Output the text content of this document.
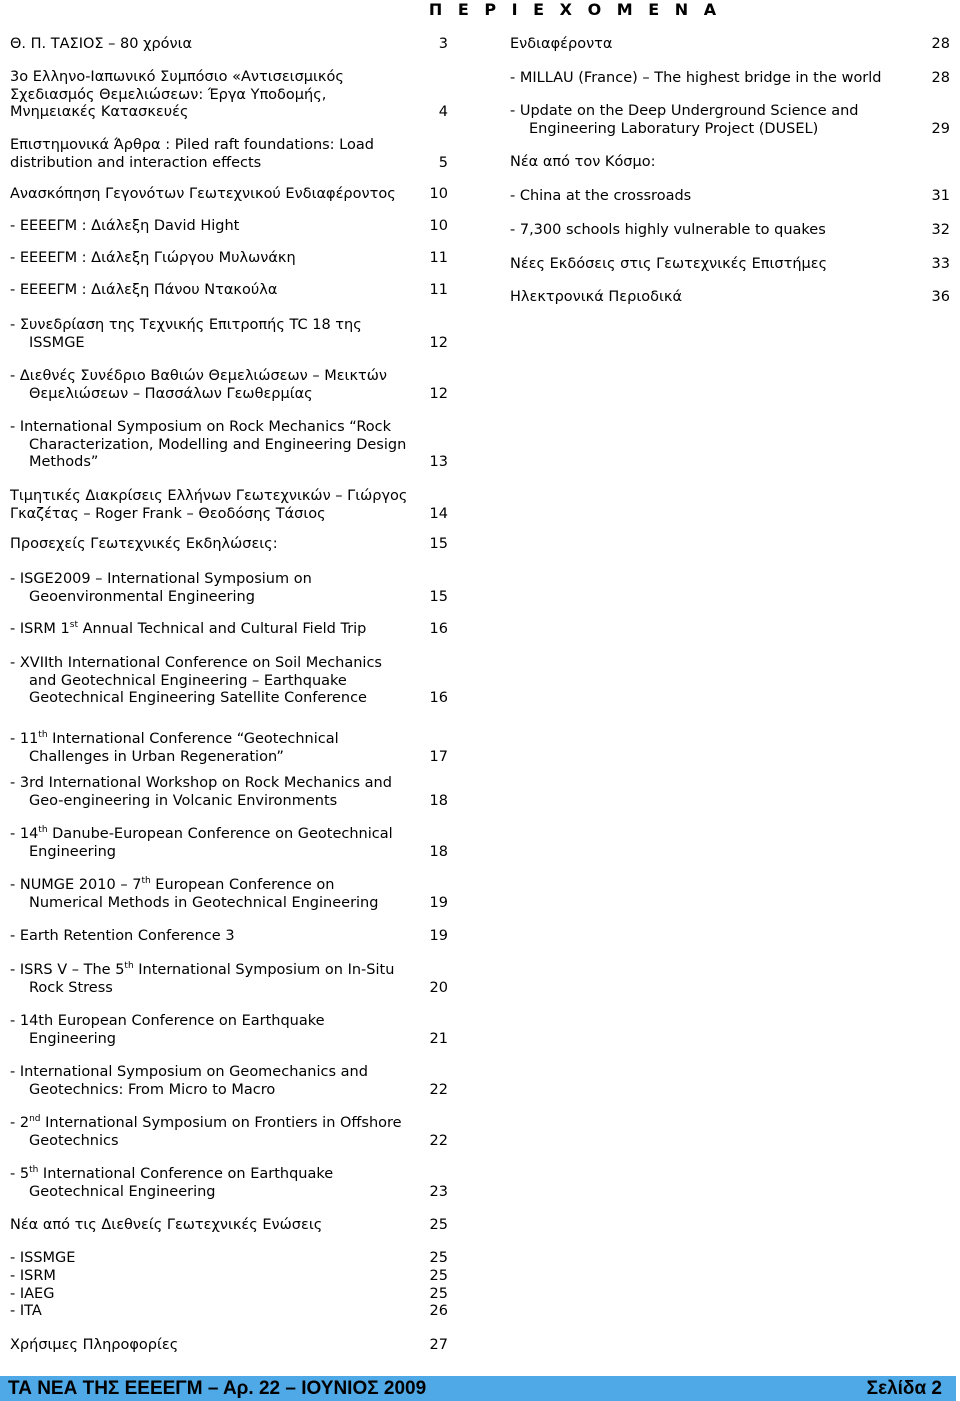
Π Ε Ρ Ι Ε Χ Ο Μ Ε Ν Α
Θ. Π. ΤΑΣΙΟΣ – 80 χρόνια	3
3ο Ελληνο-Ιαπωνικό Συμπόσιο «Αντισεισμικός Σχεδιασμός Θεμελιώσεων: Έργα Υποδομής, Μνημειακές Κατασκευές	4
Επιστημονικά Άρθρα : Piled raft foundations: Load distribution and interaction effects	5
Ανασκόπηση Γεγονότων Γεωτεχνικού Ενδιαφέροντος	10
- ΕΕΕΕΓΜ : Διάλεξη David Hight	10
- ΕΕΕΕΓΜ : Διάλεξη Γιώργου Μυλωνάκη	11
- ΕΕΕΕΓΜ : Διάλεξη Πάνου Ντακούλα	11
- Συνεδρίαση της Τεχνικής Επιτροπής TC 18 της ISSMGE	12
- Διεθνές Συνέδριο Βαθιών Θεμελιώσεων – Μεικτών Θεμελιώσεων – Πασσάλων Γεωθερμίας	12
- International Symposium on Rock Mechanics “Rock Characterization, Modelling and Engineering Design Methods”	13
Τιμητικές Διακρίσεις Ελλήνων Γεωτεχνικών – Γιώργος Γκαζέτας – Roger Frank – Θεοδόσης Τάσιος	14
Προσεχείς Γεωτεχνικές Εκδηλώσεις:	15
- ISGE2009 – International Symposium on Geoenvironmental Engineering	15
- ISRM 1st Annual Technical and Cultural Field Trip	16
- XVIIth International Conference on Soil Mechanics and Geotechnical Engineering – Earthquake Geotechnical Engineering Satellite Conference	16
- 11th International Conference “Geotechnical Challenges in Urban Regeneration”	17
- 3rd International Workshop on Rock Mechanics and Geo-engineering in Volcanic Environments	18
- 14th Danube-European Conference on Geotechnical Engineering	18
- NUMGE 2010 – 7th European Conference on Numerical Methods in Geotechnical Engineering	19
- Earth Retention Conference 3	19
- ISRS V – The 5th International Symposium on In-Situ Rock Stress	20
- 14th European Conference on Earthquake Engineering	21
- International Symposium on Geomechanics and Geotechnics: From Micro to Macro	22
- 2nd International Symposium on Frontiers in Offshore Geotechnics	22
- 5th International Conference on Earthquake Geotechnical Engineering	23
Νέα από τις Διεθνείς Γεωτεχνικές Ενώσεις	25
- ISSMGE	25
- ISRM	25
- IAEG	25
- ITA	26
Χρήσιμες Πληροφορίες	27
Ενδιαφέροντα	28
- MILLAU (France) – The highest bridge in the world	28
- Update on the Deep Underground Science and Engineering Laboratury Project (DUSEL)	29
Νέα από τον Κόσμο:
- China at the crossroads	31
- 7,300 schools highly vulnerable to quakes	32
Νέες Εκδόσεις στις Γεωτεχνικές Επιστήμες	33
Ηλεκτρονικά Περιοδικά	36
ΤΑ ΝΕΑ ΤΗΣ ΕΕΕΕΓΜ – Αρ. 22 – ΙΟΥΝΙΟΣ 2009	Σελίδα 2
